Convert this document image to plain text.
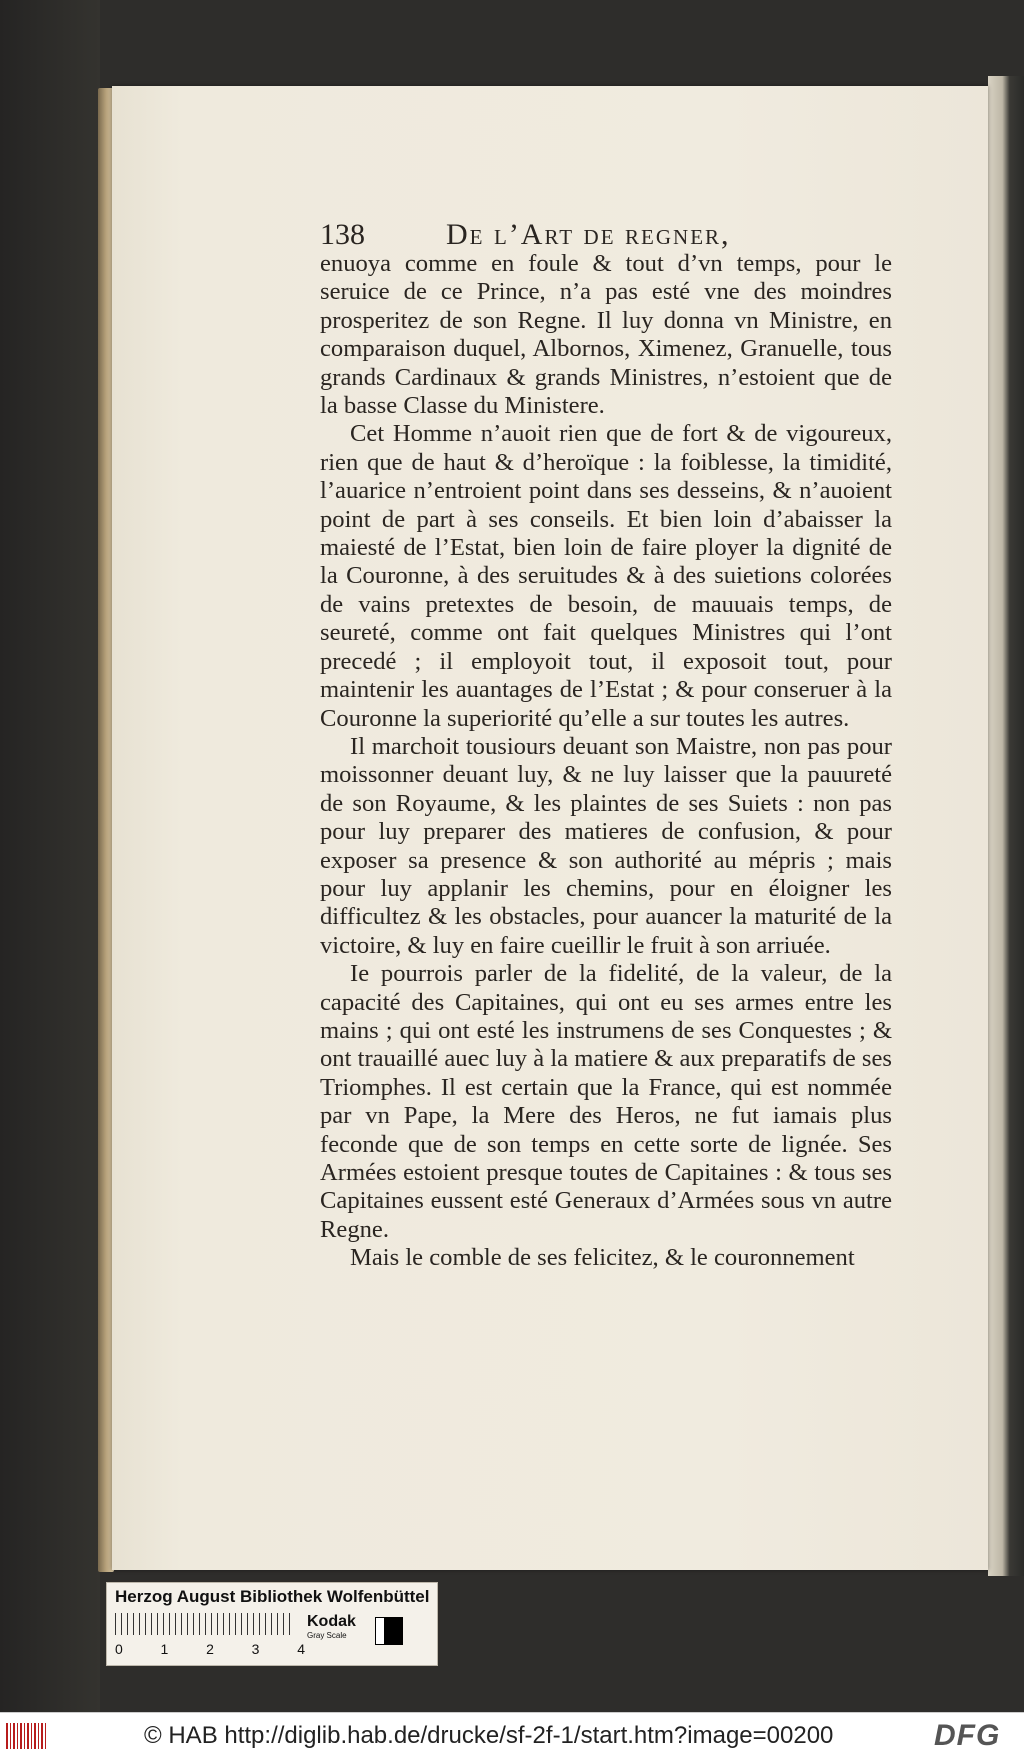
138	De l’Art de regner,

enuoya comme en foule & tout d’vn temps, pour le seruice de ce Prince, n’a pas esté vne des moindres prosperitez de son Regne. Il luy donna vn Ministre, en comparaison duquel, Albornos, Ximenez, Granuelle, tous grands Cardinaux & grands Ministres, n’estoient que de la basse Classe du Ministere.

Cet Homme n’auoit rien que de fort & de vigoureux, rien que de haut & d’heroïque : la foiblesse, la timidité, l’auarice n’entroient point dans ses desseins, & n’auoient point de part à ses conseils. Et bien loin d’abaisser la maiesté de l’Estat, bien loin de faire ployer la dignité de la Couronne, à des seruitudes & à des suietions colorées de vains pretextes de besoin, de mauuais temps, de seureté, comme ont fait quelques Ministres qui l’ont precedé ; il employoit tout, il exposoit tout, pour maintenir les auantages de l’Estat ; & pour conseruer à la Couronne la superiorité qu’elle a sur toutes les autres.

Il marchoit tousiours deuant son Maistre, non pas pour moissonner deuant luy, & ne luy laisser que la pauureté de son Royaume, & les plaintes de ses Suiets : non pas pour luy preparer des matieres de confusion, & pour exposer sa presence & son authorité au mépris ; mais pour luy applanir les chemins, pour en éloigner les difficultez & les obstacles, pour auancer la maturité de la victoire, & luy en faire cueillir le fruit à son arriuée.

Ie pourrois parler de la fidelité, de la valeur, de la capacité des Capitaines, qui ont eu ses armes entre les mains ; qui ont esté les instrumens de ses Conquestes ; & ont trauaillé auec luy à la matiere & aux preparatifs de ses Triomphes. Il est certain que la France, qui est nommée par vn Pape, la Mere des Heros, ne fut iamais plus feconde que de son temps en cette sorte de lignée. Ses Armées estoient presque toutes de Capitaines : & tous ses Capitaines eussent esté Generaux d’Armées sous vn autre Regne.

Mais le comble de ses felicitez, & le couronnement

Herzog August Bibliothek Wolfenbüttel
0	1	2	3	4
Kodak
Gray Scale
© HAB http://diglib.hab.de/drucke/sf-2f-1/start.htm?image=00200	DFG
